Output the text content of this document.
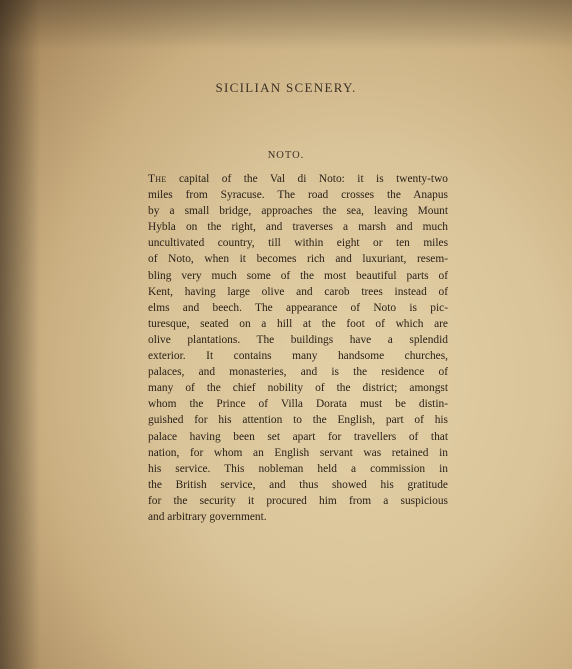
SICILIAN SCENERY.
NOTO.
The capital of the Val di Noto: it is twenty-two
miles from Syracuse. The road crosses the Anapus
by a small bridge, approaches the sea, leaving Mount
Hybla on the right, and traverses a marsh and much
uncultivated country, till within eight or ten miles
of Noto, when it becomes rich and luxuriant, resem-
bling very much some of the most beautiful parts of
Kent, having large olive and carob trees instead of
elms and beech. The appearance of Noto is pic-
turesque, seated on a hill at the foot of which are
olive plantations. The buildings have a splendid
exterior. It contains many handsome churches,
palaces, and monasteries, and is the residence of
many of the chief nobility of the district; amongst
whom the Prince of Villa Dorata must be distin-
guished for his attention to the English, part of his
palace having been set apart for travellers of that
nation, for whom an English servant was retained in
his service. This nobleman held a commission in
the British service, and thus showed his gratitude
for the security it procured him from a suspicious
and arbitrary government.
